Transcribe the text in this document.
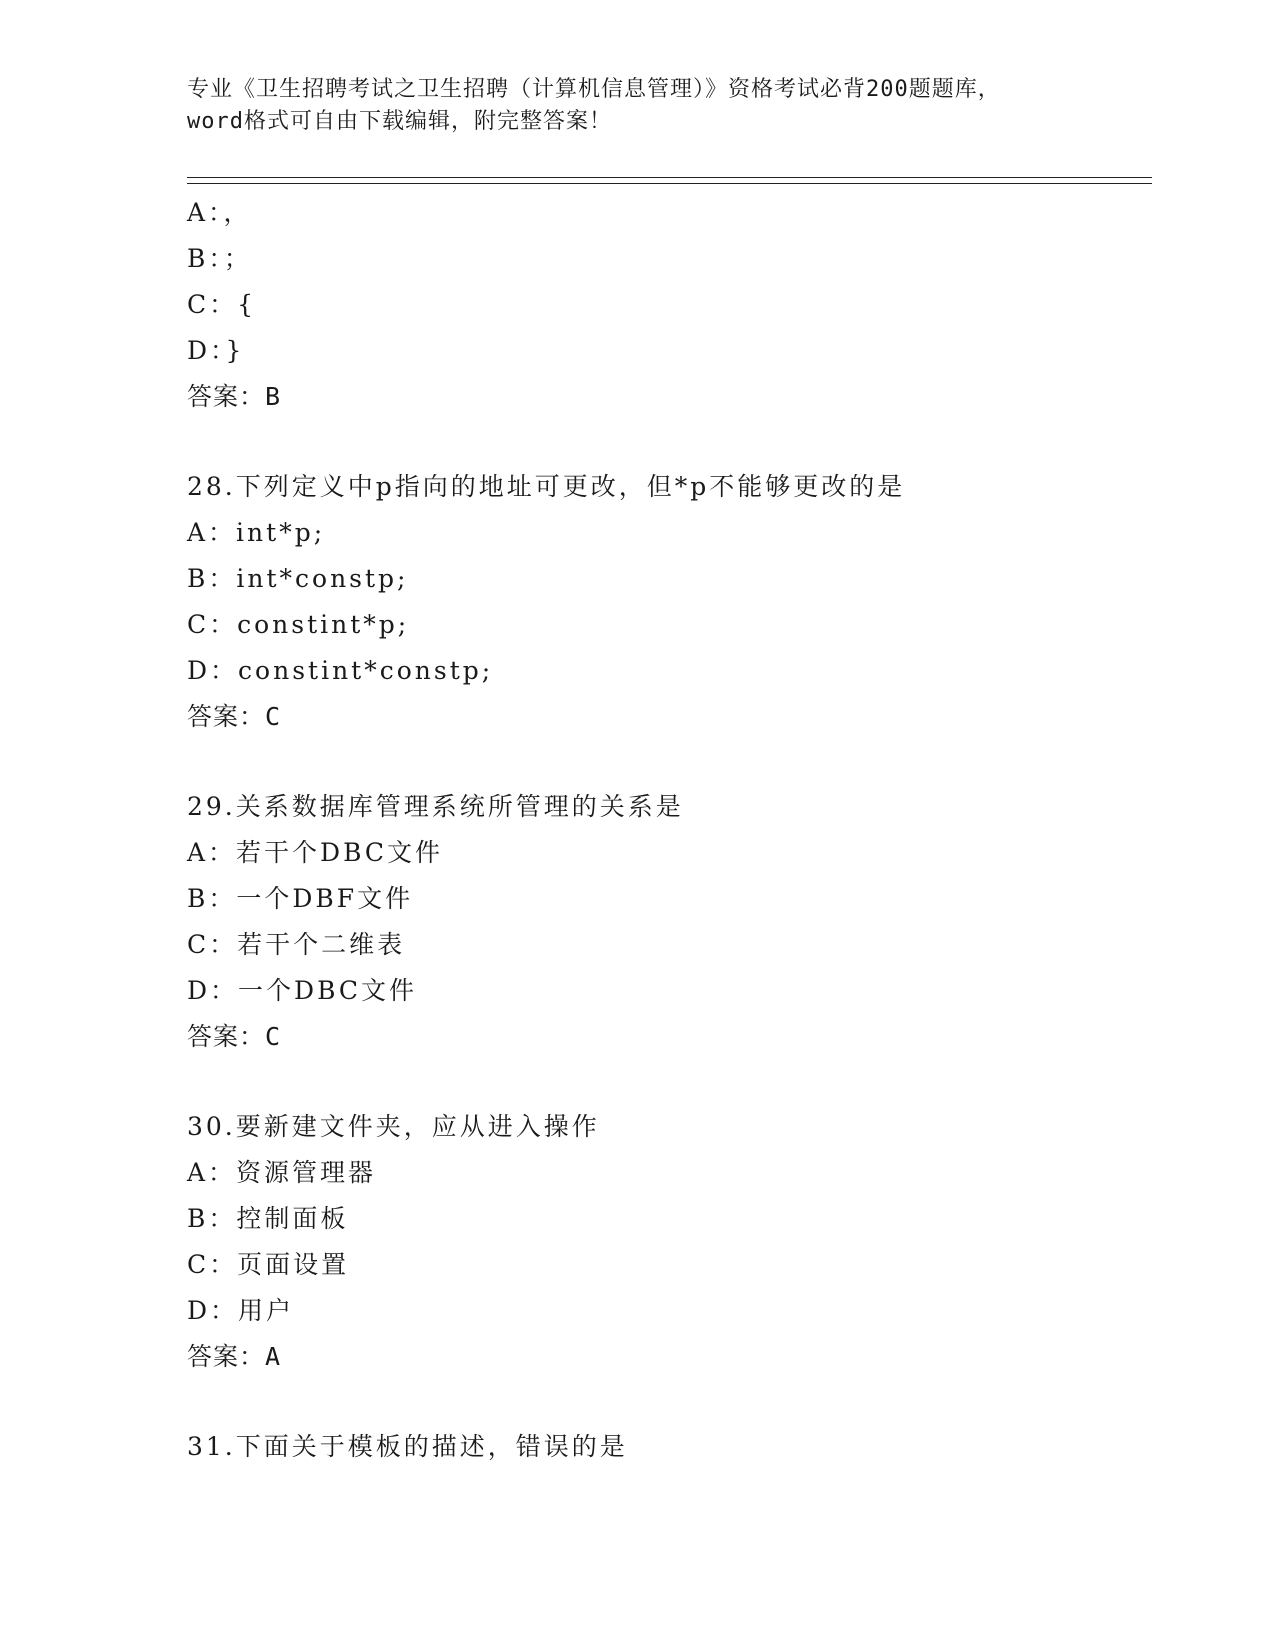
专业《卫生招聘考试之卫生招聘（计算机信息管理）》资格考试必背200题题库，
word格式可自由下载编辑，附完整答案！
A：，
B：；
C：{
D：}
答案：B
28.下列定义中p指向的地址可更改，但*p不能够更改的是
A：int*p;
B：int*constp;
C：constint*p;
D：constint*constp;
答案：C
29.关系数据库管理系统所管理的关系是
A：若干个DBC文件
B：一个DBF文件
C：若干个二维表
D：一个DBC文件
答案：C
30.要新建文件夹，应从进入操作
A：资源管理器
B：控制面板
C：页面设置
D：用户
答案：A
31.下面关于模板的描述，错误的是
